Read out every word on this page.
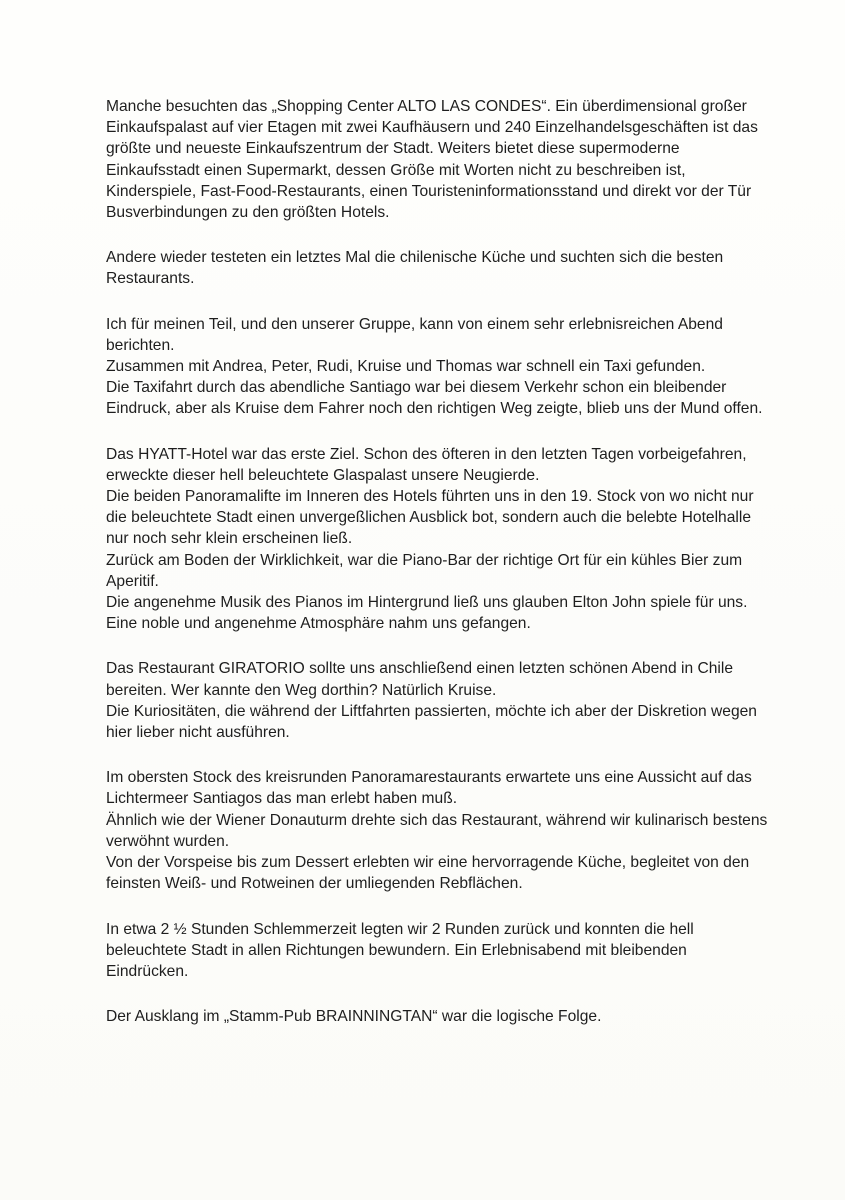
Manche besuchten das „Shopping Center ALTO LAS CONDES“. Ein überdimensional großer Einkaufspalast auf vier Etagen mit zwei Kaufhäusern und 240 Einzelhandelsgeschäften ist das größte und neueste Einkaufszentrum der Stadt. Weiters bietet diese supermoderne Einkaufsstadt einen Supermarkt, dessen Größe mit Worten nicht zu beschreiben ist, Kinderspiele, Fast-Food-Restaurants, einen Touristeninformationsstand und direkt vor der Tür Busverbindungen zu den größten Hotels.

Andere wieder testeten ein letztes Mal die chilenische Küche und suchten sich die besten Restaurants.

Ich für meinen Teil, und den unserer Gruppe, kann von einem sehr erlebnisreichen Abend berichten.

Zusammen mit Andrea, Peter, Rudi, Kruise und Thomas war schnell ein Taxi gefunden.

Die Taxifahrt durch das abendliche Santiago war bei diesem Verkehr schon ein bleibender Eindruck, aber als Kruise dem Fahrer noch den richtigen Weg zeigte, blieb uns der Mund offen.

Das HYATT-Hotel war das erste Ziel. Schon des öfteren in den letzten Tagen vorbeigefahren, erweckte dieser hell beleuchtete Glaspalast unsere Neugierde.

Die beiden Panoramalifte im Inneren des Hotels führten uns in den 19. Stock von wo nicht nur die beleuchtete Stadt einen unvergeßlichen Ausblick bot, sondern auch die belebte Hotelhalle nur noch sehr klein erscheinen ließ.

Zurück am Boden der Wirklichkeit, war die Piano-Bar der richtige Ort für ein kühles Bier zum Aperitif.

Die angenehme Musik des Pianos im Hintergrund ließ uns glauben Elton John spiele für uns. Eine noble und angenehme Atmosphäre nahm uns gefangen.

Das Restaurant GIRATORIO sollte uns anschließend einen letzten schönen Abend in Chile bereiten. Wer kannte den Weg dorthin? Natürlich Kruise.

Die Kuriositäten, die während der Liftfahrten passierten, möchte ich aber der Diskretion wegen hier lieber nicht ausführen.

Im obersten Stock des kreisrunden Panoramarestaurants erwartete uns eine Aussicht auf das Lichtermeer Santiagos das man erlebt haben muß.

Ähnlich wie der Wiener Donauturm drehte sich das Restaurant, während wir kulinarisch bestens verwöhnt wurden.

Von der Vorspeise bis zum Dessert erlebten wir eine hervorragende Küche, begleitet von den feinsten Weiß- und Rotweinen der umliegenden Rebflächen.

In etwa 2 ½ Stunden Schlemmerzeit legten wir 2 Runden zurück und konnten die hell beleuchtete Stadt in allen Richtungen bewundern. Ein Erlebnisabend mit bleibenden Eindrücken.

Der Ausklang im „Stamm-Pub BRAINNINGTAN“ war die logische Folge.
